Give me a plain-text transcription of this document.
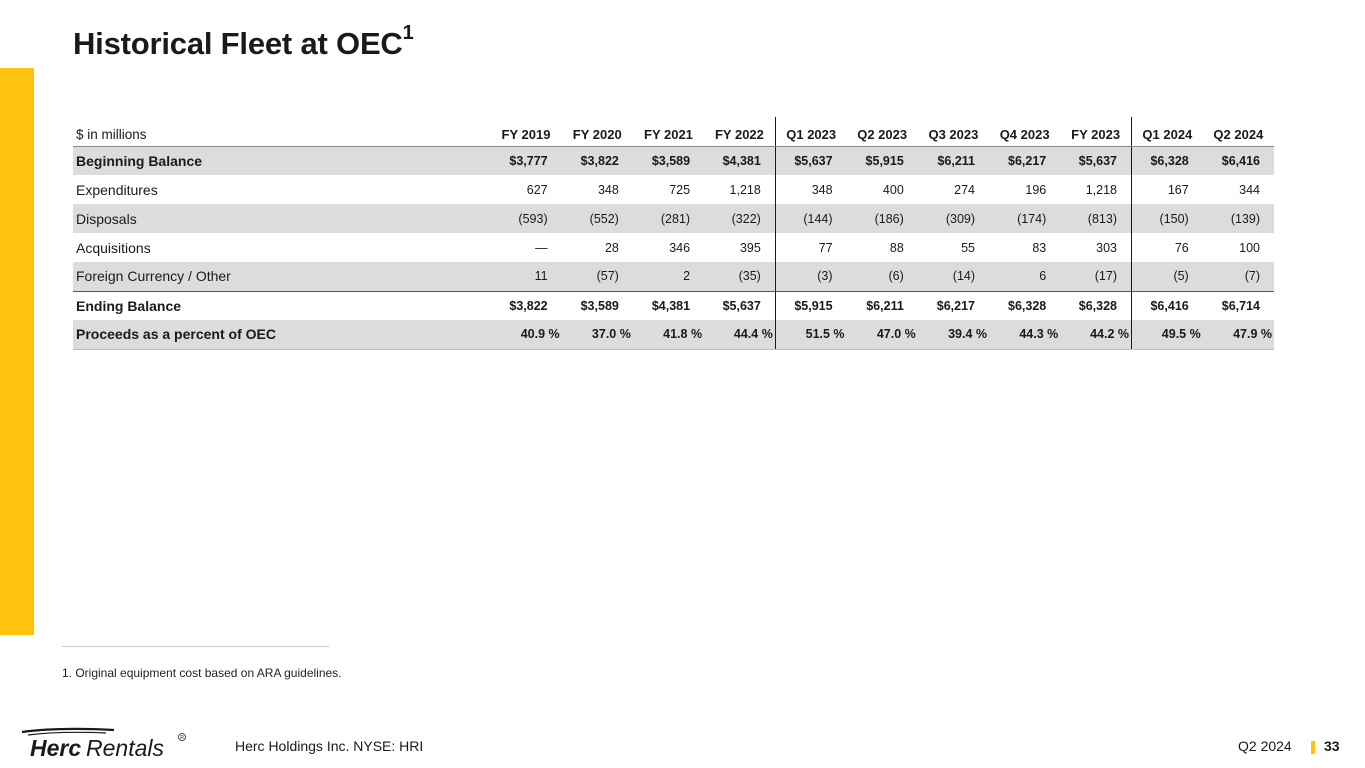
Historical Fleet at OEC$^1$
$ in millions	FY 2019	FY 2020	FY 2021	FY 2022	Q1 2023	Q2 2023	Q3 2023	Q4 2023	FY 2023	Q1 2024	Q2 2024
Beginning Balance	$3,777	$3,822	$3,589	$4,381	$5,637	$5,915	$6,211	$6,217	$5,637	$6,328	$6,416
Expenditures	627	348	725	1,218	348	400	274	196	1,218	167	344
Disposals	(593)	(552)	(281)	(322)	(144)	(186)	(309)	(174)	(813)	(150)	(139)
Acquisitions	—	28	346	395	77	88	55	83	303	76	100
Foreign Currency / Other	11	(57)	2	(35)	(3)	(6)	(14)	6	(17)	(5)	(7)
Ending Balance	$3,822	$3,589	$4,381	$5,637	$5,915	$6,211	$6,217	$6,328	$6,328	$6,416	$6,714
Proceeds as a percent of OEC	40.9 %	37.0 %	41.8 %	44.4 %	51.5 %	47.0 %	39.4 %	44.3 %	44.2 %	49.5 %	47.9 %
1. Original equipment cost based on ARA guidelines.
Herc Rentals	R
Herc Holdings Inc. NYSE: HRI	Q2 2024 33
